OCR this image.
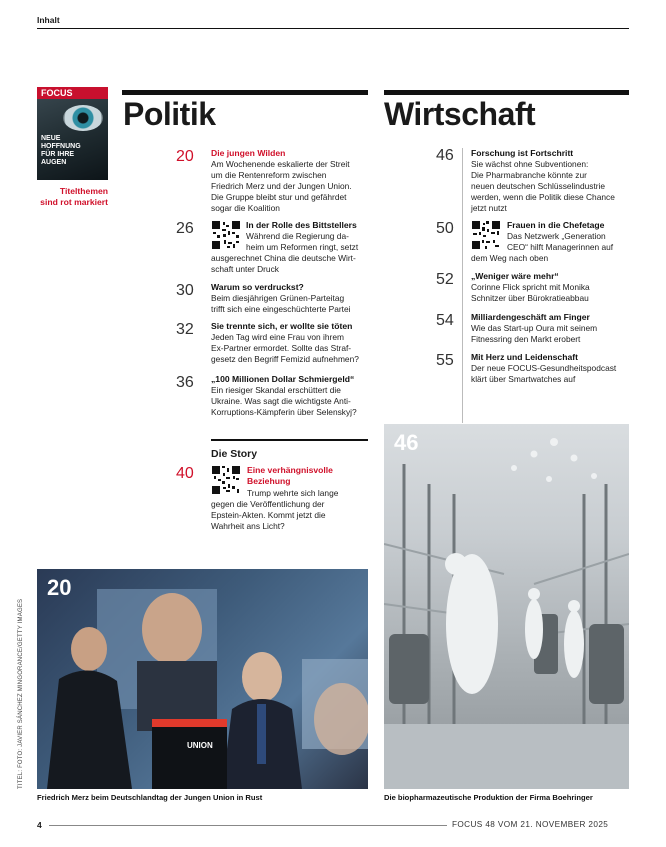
Inhalt
FOCUS
NEUE
HOFFNUNG
FÜR IHRE
AUGEN
Titelthemen
sind rot markiert
Politik
20 Die jungen Wilden
Am Wochenende eskalierte der Streit
um die Rentenreform zwischen
Friedrich Merz und der Jungen Union.
Die Gruppe bleibt stur und gefährdet
sogar die Koalition
26	In der Rolle des Bittstellers
Während die Regierung da-
heim um Reformen ringt, setzt
ausgerechnet China die deutsche Wirt-
schaft unter Druck
30 Warum so verdruckst?
Beim diesjährigen Grünen-Parteitag
trifft sich eine eingeschüchterte Partei
32 Sie trennte sich, er wollte sie töten
Jeden Tag wird eine Frau von ihrem
Ex-Partner ermordet. Sollte das Straf-
gesetz den Begriff Femizid aufnehmen?
36 „100 Millionen Dollar Schmiergeld“
Ein riesiger Skandal erschüttert die
Ukraine. Was sagt die wichtigste Anti-
Korruptions-Kämpferin über Selenskyj?
Die Story
40	Eine verhängnisvolle
Beziehung
Trump wehrte sich lange
gegen die Veröffentlichung der
Epstein-Akten. Kommt jetzt die
Wahrheit ans Licht?
Wirtschaft
46 Forschung ist Fortschritt
Sie wächst ohne Subventionen:
Die Pharmabranche könnte zur
neuen deutschen Schlüsselindustrie
werden, wenn die Politik diese Chance
jetzt nutzt
50	Frauen in die Chefetage
Das Netzwerk „Generation
CEO“ hilft Managerinnen auf
dem Weg nach oben
52 „Weniger wäre mehr“
Corinne Flick spricht mit Monika
Schnitzer über Bürokratieabbau
54 Milliardengeschäft am Finger
Wie das Start-up Oura mit seinem
Fitnessring den Markt erobert
55 Mit Herz und Leidenschaft
Der neue FOCUS-Gesundheitspodcast
klärt über Smartwatches auf
46
Die biopharmazeutische Produktion der Firma Boehringer
UNION
20
Friedrich Merz beim Deutschlandtag der Jungen Union in Rust
TITEL: FOTO: JAVIER SÁNCHEZ MINGORANCE/GETTY IMAGES
4	FOCUS 48 VOM 21. NOVEMBER 2025
